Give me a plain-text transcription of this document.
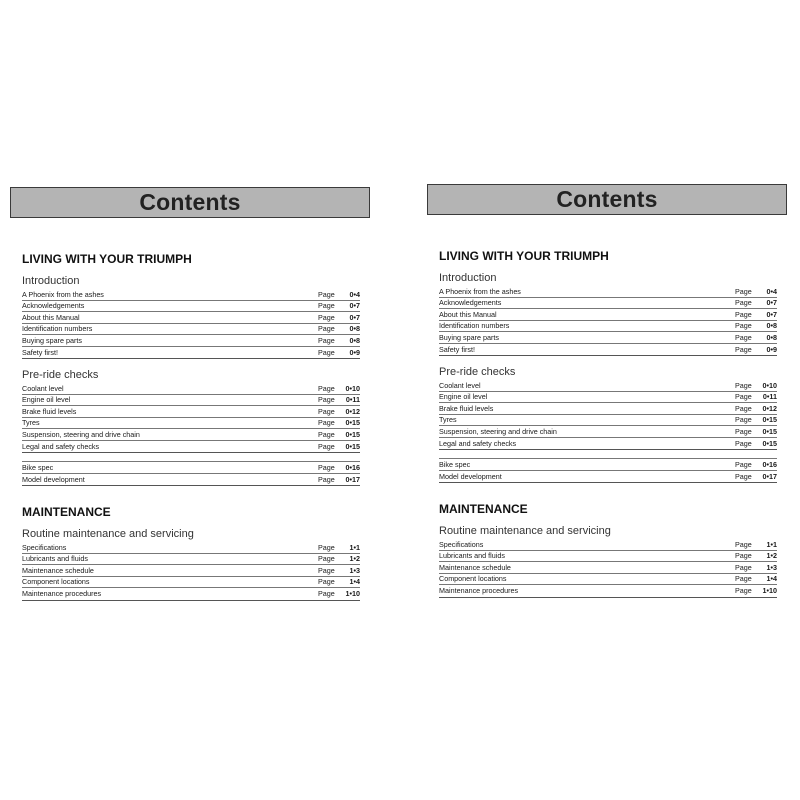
Contents
LIVING WITH YOUR TRIUMPH
Introduction
A Phoenix from the ashes	Page	0•4
Acknowledgements	Page	0•7
About this Manual	Page	0•7
Identification numbers	Page	0•8
Buying spare parts	Page	0•8
Safety first!	Page	0•9
Pre-ride checks
Coolant level	Page	0•10
Engine oil level	Page	0•11
Brake fluid levels	Page	0•12
Tyres	Page	0•15
Suspension, steering and drive chain	Page	0•15
Legal and safety checks	Page	0•15
Bike spec	Page	0•16
Model development	Page	0•17
MAINTENANCE
Routine maintenance and servicing
Specifications	Page	1•1
Lubricants and fluids	Page	1•2
Maintenance schedule	Page	1•3
Component locations	Page	1•4
Maintenance procedures	Page	1•10
Contents
LIVING WITH YOUR TRIUMPH
Introduction
A Phoenix from the ashes	Page	0•4
Acknowledgements	Page	0•7
About this Manual	Page	0•7
Identification numbers	Page	0•8
Buying spare parts	Page	0•8
Safety first!	Page	0•9
Pre-ride checks
Coolant level	Page	0•10
Engine oil level	Page	0•11
Brake fluid levels	Page	0•12
Tyres	Page	0•15
Suspension, steering and drive chain	Page	0•15
Legal and safety checks	Page	0•15
Bike spec	Page	0•16
Model development	Page	0•17
MAINTENANCE
Routine maintenance and servicing
Specifications	Page	1•1
Lubricants and fluids	Page	1•2
Maintenance schedule	Page	1•3
Component locations	Page	1•4
Maintenance procedures	Page	1•10
